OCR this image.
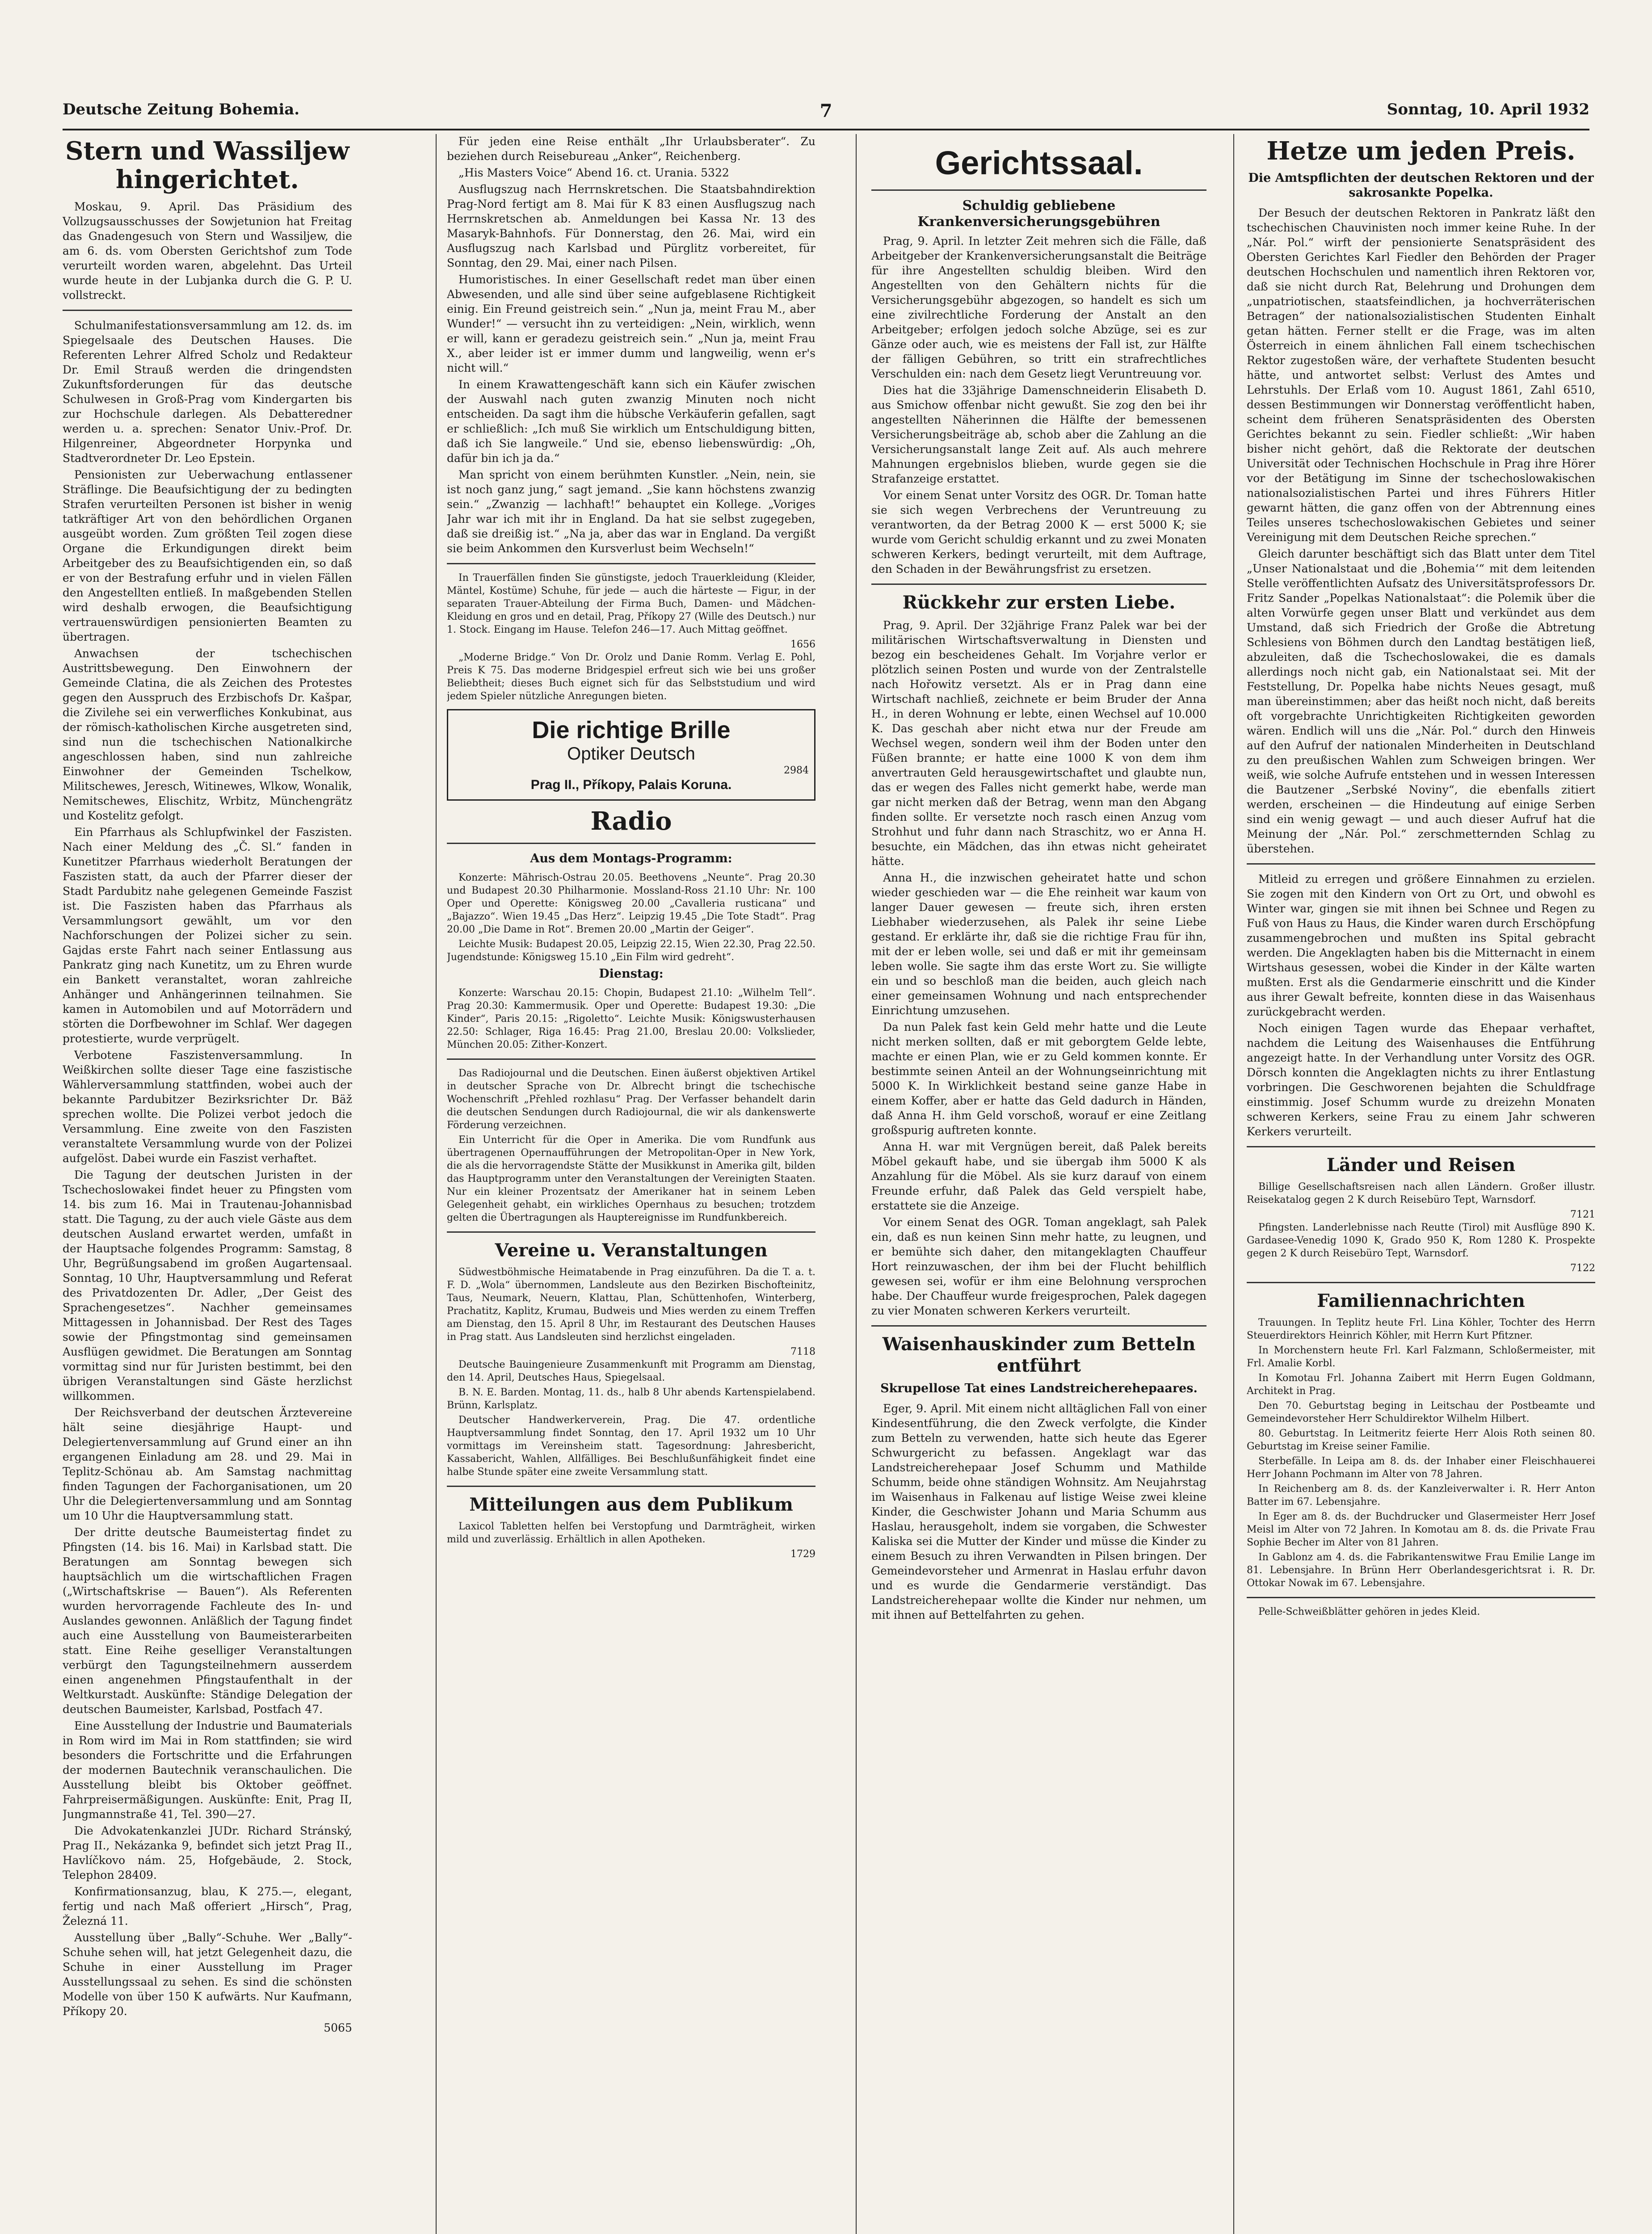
Deutsche Zeitung Bohemia.	7	Sonntag, 10. April 1932
Stern und Wassiljew hingerichtet.

Moskau, 9. April. Das Präsidium des Vollzugsausschusses der Sowjetunion hat Freitag das Gnadengesuch von Stern und Wassiljew, die am 6. ds. vom Obersten Gerichtshof zum Tode verurteilt worden waren, abgelehnt. Das Urteil wurde heute in der Lubjanka durch die G. P. U. vollstreckt.

Schulmanifestationsversammlung am 12. ds. im Spiegelsaale des Deutschen Hauses. Die Referenten Lehrer Alfred Scholz und Redakteur Dr. Emil Strauß werden die dringendsten Zukunftsforderungen für das deutsche Schulwesen in Groß-Prag vom Kindergarten bis zur Hochschule darlegen. Als Debatteredner werden u. a. sprechen: Senator Univ.-Prof. Dr. Hilgenreiner, Abgeordneter Horpynka und Stadtverordneter Dr. Leo Epstein.

Pensionisten zur Ueberwachung entlassener Sträflinge. Die Beaufsichtigung der zu bedingten Strafen verurteilten Personen ist bisher in wenig tatkräftiger Art von den behördlichen Organen ausgeübt worden. Zum größten Teil zogen diese Organe die Erkundigungen direkt beim Arbeitgeber des zu Beaufsichtigenden ein, so daß er von der Bestrafung erfuhr und in vielen Fällen den Angestellten entließ. In maßgebenden Stellen wird deshalb erwogen, die Beaufsichtigung vertrauenswürdigen pensionierten Beamten zu übertragen.

Anwachsen der tschechischen Austrittsbewegung. Den Einwohnern der Gemeinde Clatina, die als Zeichen des Protestes gegen den Ausspruch des Erzbischofs Dr. Kašpar, die Zivilehe sei ein verwerfliches Konkubinat, aus der römisch-katholischen Kirche ausgetreten sind, sind nun die tschechischen Nationalkirche angeschlossen haben, sind nun zahlreiche Einwohner der Gemeinden Tschelkow, Militschewes, Jeresch, Witinewes, Wlkow, Wonalik, Nemitschewes, Elischitz, Wrbitz, Münchengrätz und Kostelitz gefolgt.

Ein Pfarrhaus als Schlupfwinkel der Faszisten. Nach einer Meldung des „Č. Sl.“ fanden in Kunetitzer Pfarrhaus wiederholt Beratungen der Faszisten statt, da auch der Pfarrer dieser der Stadt Pardubitz nahe gelegenen Gemeinde Faszist ist. Die Faszisten haben das Pfarrhaus als Versammlungsort gewählt, um vor den Nachforschungen der Polizei sicher zu sein. Gajdas erste Fahrt nach seiner Entlassung aus Pankratz ging nach Kunetitz, um zu Ehren wurde ein Bankett veranstaltet, woran zahlreiche Anhänger und Anhängerinnen teilnahmen. Sie kamen in Automobilen und auf Motorrädern und störten die Dorfbewohner im Schlaf. Wer dagegen protestierte, wurde verprügelt.

Verbotene Faszistenversammlung. In Weißkirchen sollte dieser Tage eine faszistische Wählerversammlung stattfinden, wobei auch der bekannte Pardubitzer Bezirksrichter Dr. Bäž sprechen wollte. Die Polizei verbot jedoch die Versammlung. Eine zweite von den Faszisten veranstaltete Versammlung wurde von der Polizei aufgelöst. Dabei wurde ein Faszist verhaftet.

Die Tagung der deutschen Juristen in der Tschechoslowakei findet heuer zu Pfingsten vom 14. bis zum 16. Mai in Trautenau-Johannisbad statt. Die Tagung, zu der auch viele Gäste aus dem deutschen Ausland erwartet werden, umfaßt in der Hauptsache folgendes Programm: Samstag, 8 Uhr, Begrüßungsabend im großen Augartensaal. Sonntag, 10 Uhr, Hauptversammlung und Referat des Privatdozenten Dr. Adler, „Der Geist des Sprachengesetzes“. Nachher gemeinsames Mittagessen in Johannisbad. Der Rest des Tages sowie der Pfingstmontag sind gemeinsamen Ausflügen gewidmet. Die Beratungen am Sonntag vormittag sind nur für Juristen bestimmt, bei den übrigen Veranstaltungen sind Gäste herzlichst willkommen.

Der Reichsverband der deutschen Ärztevereine hält seine diesjährige Haupt- und Delegiertenversammlung auf Grund einer an ihn ergangenen Einladung am 28. und 29. Mai in Teplitz-Schönau ab. Am Samstag nachmittag finden Tagungen der Fachorganisationen, um 20 Uhr die Delegiertenversammlung und am Sonntag um 10 Uhr die Hauptversammlung statt.

Der dritte deutsche Baumeistertag findet zu Pfingsten (14. bis 16. Mai) in Karlsbad statt. Die Beratungen am Sonntag bewegen sich hauptsächlich um die wirtschaftlichen Fragen („Wirtschaftskrise — Bauen“). Als Referenten wurden hervorragende Fachleute des In- und Auslandes gewonnen. Anläßlich der Tagung findet auch eine Ausstellung von Baumeisterarbeiten statt. Eine Reihe geselliger Veranstaltungen verbürgt den Tagungsteilnehmern ausserdem einen angenehmen Pfingstaufenthalt in der Weltkurstadt. Auskünfte: Ständige Delegation der deutschen Baumeister, Karlsbad, Postfach 47.

Eine Ausstellung der Industrie und Baumaterials in Rom wird im Mai in Rom stattfinden; sie wird besonders die Fortschritte und die Erfahrungen der modernen Bautechnik veranschaulichen. Die Ausstellung bleibt bis Oktober geöffnet. Fahrpreisermäßigungen. Auskünfte: Enit, Prag II, Jungmannstraße 41, Tel. 390—27.

Die Advokatenkanzlei JUDr. Richard Stránský, Prag II., Nekázanka 9, befindet sich jetzt Prag II., Havlíčkovo nám. 25, Hofgebäude, 2. Stock, Telephon 28409.

Konfirmationsanzug, blau, K 275.—, elegant, fertig und nach Maß offeriert „Hirsch“, Prag, Železná 11.

Ausstellung über „Bally“-Schuhe. Wer „Bally“-Schuhe sehen will, hat jetzt Gelegenheit dazu, die Schuhe in einer Ausstellung im Prager Ausstellungssaal zu sehen. Es sind die schönsten Modelle von über 150 K aufwärts. Nur Kaufmann, Příkopy 20.

5065

Für jeden eine Reise enthält „Ihr Urlaubsberater“. Zu beziehen durch Reisebureau „Anker“, Reichenberg.

„His Masters Voice“ Abend 16. ct. Urania. 5322

Ausflugszug nach Herrnskretschen. Die Staatsbahndirektion Prag-Nord fertigt am 8. Mai für K 83 einen Ausflugszug nach Herrnskretschen ab. Anmeldungen bei Kassa Nr. 13 des Masaryk-Bahnhofs. Für Donnerstag, den 26. Mai, wird ein Ausflugszug nach Karlsbad und Pürglitz vorbereitet, für Sonntag, den 29. Mai, einer nach Pilsen.

Humoristisches. In einer Gesellschaft redet man über einen Abwesenden, und alle sind über seine aufgeblasene Richtigkeit einig. Ein Freund geistreich sein.“ „Nun ja, meint Frau M., aber Wunder!“ — versucht ihn zu verteidigen: „Nein, wirklich, wenn er will, kann er geradezu geistreich sein.“ „Nun ja, meint Frau X., aber leider ist er immer dumm und langweilig, wenn er's nicht will.“

In einem Krawattengeschäft kann sich ein Käufer zwischen der Auswahl nach guten zwanzig Minuten noch nicht entscheiden. Da sagt ihm die hübsche Verkäuferin gefallen, sagt er schließlich: „Ich muß Sie wirklich um Entschuldigung bitten, daß ich Sie langweile.“ Und sie, ebenso liebenswürdig: „Oh, dafür bin ich ja da.“

Man spricht von einem berühmten Kunstler. „Nein, nein, sie ist noch ganz jung,“ sagt jemand. „Sie kann höchstens zwanzig sein.“ „Zwanzig — lachhaft!“ behauptet ein Kollege. „Voriges Jahr war ich mit ihr in England. Da hat sie selbst zugegeben, daß sie dreißig ist.“ „Na ja, aber das war in England. Da vergißt sie beim Ankommen den Kursverlust beim Wechseln!“

In Trauerfällen finden Sie günstigste, jedoch Trauerkleidung (Kleider, Mäntel, Kostüme) Schuhe, für jede — auch die härteste — Figur, in der separaten Trauer-Abteilung der Firma Buch, Damen- und Mädchen-Kleidung en gros und en detail, Prag, Příkopy 27 (Wille des Deutsch.) nur 1. Stock. Eingang im Hause. Telefon 246—17. Auch Mittag geöffnet.

1656

„Moderne Bridge.“ Von Dr. Orolz und Danie Romm. Verlag E. Pohl, Preis K 75. Das moderne Bridgespiel erfreut sich wie bei uns großer Beliebtheit; dieses Buch eignet sich für das Selbststudium und wird jedem Spieler nützliche Anregungen bieten.

Die richtige Brille
Optiker Deutsch
2984
Prag II., Příkopy, Palais Koruna.
Radio
Aus dem Montags-Programm:

Konzerte: Mährisch-Ostrau 20.05. Beethovens „Neunte“. Prag 20.30 und Budapest 20.30 Philharmonie. Mossland-Ross 21.10 Uhr: Nr. 100 Oper und Operette: Königsweg 20.00 „Cavalleria rusticana“ und „Bajazzo“. Wien 19.45 „Das Herz“. Leipzig 19.45 „Die Tote Stadt“. Prag 20.00 „Die Dame in Rot“. Bremen 20.00 „Martin der Geiger“.

Leichte Musik: Budapest 20.05, Leipzig 22.15, Wien 22.30, Prag 22.50. Jugendstunde: Königsweg 15.10 „Ein Film wird gedreht“.

Dienstag:

Konzerte: Warschau 20.15: Chopin, Budapest 21.10: „Wilhelm Tell“. Prag 20.30: Kammermusik. Oper und Operette: Budapest 19.30: „Die Kinder“, Paris 20.15: „Rigoletto“. Leichte Musik: Königswusterhausen 22.50: Schlager, Riga 16.45: Prag 21.00, Breslau 20.00: Volkslieder, München 20.05: Zither-Konzert.

Das Radiojournal und die Deutschen. Einen äußerst objektiven Artikel in deutscher Sprache von Dr. Albrecht bringt die tschechische Wochenschrift „Přehled rozhlasu“ Prag. Der Verfasser behandelt darin die deutschen Sendungen durch Radiojournal, die wir als dankenswerte Förderung verzeichnen.

Ein Unterricht für die Oper in Amerika. Die vom Rundfunk aus übertragenen Opernaufführungen der Metropolitan-Oper in New York, die als die hervorragendste Stätte der Musikkunst in Amerika gilt, bilden das Hauptprogramm unter den Veranstaltungen der Vereinigten Staaten. Nur ein kleiner Prozentsatz der Amerikaner hat in seinem Leben Gelegenheit gehabt, ein wirkliches Opernhaus zu besuchen; trotzdem gelten die Übertragungen als Hauptereignisse im Rundfunkbereich.

Vereine u. Veranstaltungen

Südwestböhmische Heimatabende in Prag einzuführen. Da die T. a. t. F. D. „Wola“ übernommen, Landsleute aus den Bezirken Bischofteinitz, Taus, Neumark, Neuern, Klattau, Plan, Schüttenhofen, Winterberg, Prachatitz, Kaplitz, Krumau, Budweis und Mies werden zu einem Treffen am Dienstag, den 15. April 8 Uhr, im Restaurant des Deutschen Hauses in Prag statt. Aus Landsleuten sind herzlichst eingeladen.

7118

Deutsche Bauingenieure Zusammenkunft mit Programm am Dienstag, den 14. April, Deutsches Haus, Spiegelsaal.

B. N. E. Barden. Montag, 11. ds., halb 8 Uhr abends Kartenspielabend. Brünn, Karlsplatz.

Deutscher Handwerkerverein, Prag. Die 47. ordentliche Hauptversammlung findet Sonntag, den 17. April 1932 um 10 Uhr vormittags im Vereinsheim statt. Tagesordnung: Jahresbericht, Kassabericht, Wahlen, Allfälliges. Bei Beschlußunfähigkeit findet eine halbe Stunde später eine zweite Versammlung statt.

Mitteilungen aus dem Publikum

Laxicol Tabletten helfen bei Verstopfung und Darmträgheit, wirken mild und zuverlässig. Erhältlich in allen Apotheken.

1729
Gerichtssaal.
Schuldig gebliebene Krankenversicherungsgebühren

Prag, 9. April. In letzter Zeit mehren sich die Fälle, daß Arbeitgeber der Krankenversicherungsanstalt die Beiträge für ihre Angestellten schuldig bleiben. Wird den Angestellten von den Gehältern nichts für die Versicherungsgebühr abgezogen, so handelt es sich um eine zivilrechtliche Forderung der Anstalt an den Arbeitgeber; erfolgen jedoch solche Abzüge, sei es zur Gänze oder auch, wie es meistens der Fall ist, zur Hälfte der fälligen Gebühren, so tritt ein strafrechtliches Verschulden ein: nach dem Gesetz liegt Veruntreuung vor.

Dies hat die 33jährige Damenschneiderin Elisabeth D. aus Smichow offenbar nicht gewußt. Sie zog den bei ihr angestellten Näherinnen die Hälfte der bemessenen Versicherungsbeiträge ab, schob aber die Zahlung an die Versicherungsanstalt lange Zeit auf. Als auch mehrere Mahnungen ergebnislos blieben, wurde gegen sie die Strafanzeige erstattet.

Vor einem Senat unter Vorsitz des OGR. Dr. Toman hatte sie sich wegen Verbrechens der Veruntreuung zu verantworten, da der Betrag 2000 K — erst 5000 K; sie wurde vom Gericht schuldig erkannt und zu zwei Monaten schweren Kerkers, bedingt verurteilt, mit dem Auftrage, den Schaden in der Bewährungsfrist zu ersetzen.

Rückkehr zur ersten Liebe.

Prag, 9. April. Der 32jährige Franz Palek war bei der militärischen Wirtschaftsverwaltung in Diensten und bezog ein bescheidenes Gehalt. Im Vorjahre verlor er plötzlich seinen Posten und wurde von der Zentralstelle nach Hořowitz versetzt. Als er in Prag dann eine Wirtschaft nachließ, zeichnete er beim Bruder der Anna H., in deren Wohnung er lebte, einen Wechsel auf 10.000 K. Das geschah aber nicht etwa nur der Freude am Wechsel wegen, sondern weil ihm der Boden unter den Füßen brannte; er hatte eine 1000 K von dem ihm anvertrauten Geld herausgewirtschaftet und glaubte nun, das er wegen des Falles nicht gemerkt habe, werde man gar nicht merken daß der Betrag, wenn man den Abgang finden sollte. Er versetzte noch rasch einen Anzug vom Strohhut und fuhr dann nach Straschitz, wo er Anna H. besuchte, ein Mädchen, das ihn etwas nicht geheiratet hätte.

Anna H., die inzwischen geheiratet hatte und schon wieder geschieden war — die Ehe reinheit war kaum von langer Dauer gewesen — freute sich, ihren ersten Liebhaber wiederzusehen, als Palek ihr seine Liebe gestand. Er erklärte ihr, daß sie die richtige Frau für ihn, mit der er leben wolle, sei und daß er mit ihr gemeinsam leben wolle. Sie sagte ihm das erste Wort zu. Sie willigte ein und so beschloß man die beiden, auch gleich nach einer gemeinsamen Wohnung und nach entsprechender Einrichtung umzusehen.

Da nun Palek fast kein Geld mehr hatte und die Leute nicht merken sollten, daß er mit geborgtem Gelde lebte, machte er einen Plan, wie er zu Geld kommen konnte. Er bestimmte seinen Anteil an der Wohnungseinrichtung mit 5000 K. In Wirklichkeit bestand seine ganze Habe in einem Koffer, aber er hatte das Geld dadurch in Händen, daß Anna H. ihm Geld vorschoß, worauf er eine Zeitlang großspurig auftreten konnte.

Anna H. war mit Vergnügen bereit, daß Palek bereits Möbel gekauft habe, und sie übergab ihm 5000 K als Anzahlung für die Möbel. Als sie kurz darauf von einem Freunde erfuhr, daß Palek das Geld verspielt habe, erstattete sie die Anzeige.

Vor einem Senat des OGR. Toman angeklagt, sah Palek ein, daß es nun keinen Sinn mehr hatte, zu leugnen, und er bemühte sich daher, den mitangeklagten Chauffeur Hort reinzuwaschen, der ihm bei der Flucht behilflich gewesen sei, wofür er ihm eine Belohnung versprochen habe. Der Chauffeur wurde freigesprochen, Palek dagegen zu vier Monaten schweren Kerkers verurteilt.

Waisenhauskinder zum Betteln entführt
Skrupellose Tat eines Landstreicherehepaares.

Eger, 9. April. Mit einem nicht alltäglichen Fall von einer Kindesentführung, die den Zweck verfolgte, die Kinder zum Betteln zu verwenden, hatte sich heute das Egerer Schwurgericht zu befassen. Angeklagt war das Landstreicherehepaar Josef Schumm und Mathilde Schumm, beide ohne ständigen Wohnsitz. Am Neujahrstag im Waisenhaus in Falkenau auf listige Weise zwei kleine Kinder, die Geschwister Johann und Maria Schumm aus Haslau, herausgeholt, indem sie vorgaben, die Schwester Kaliska sei die Mutter der Kinder und müsse die Kinder zu einem Besuch zu ihren Verwandten in Pilsen bringen. Der Gemeindevorsteher und Armenrat in Haslau erfuhr davon und es wurde die Gendarmerie verständigt. Das Landstreicherehepaar wollte die Kinder nur nehmen, um mit ihnen auf Bettelfahrten zu gehen.

Hetze um jeden Preis.
Die Amtspflichten der deutschen Rektoren und der sakrosankte Popelka.

Der Besuch der deutschen Rektoren in Pankratz läßt den tschechischen Chauvinisten noch immer keine Ruhe. In der „Nár. Pol.“ wirft der pensionierte Senatspräsident des Obersten Gerichtes Karl Fiedler den Behörden der Prager deutschen Hochschulen und namentlich ihren Rektoren vor, daß sie nicht durch Rat, Belehrung und Drohungen dem „unpatriotischen, staatsfeindlichen, ja hochverräterischen Betragen“ der nationalsozialistischen Studenten Einhalt getan hätten. Ferner stellt er die Frage, was im alten Österreich in einem ähnlichen Fall einem tschechischen Rektor zugestoßen wäre, der verhaftete Studenten besucht hätte, und antwortet selbst: Verlust des Amtes und Lehrstuhls. Der Erlaß vom 10. August 1861, Zahl 6510, dessen Bestimmungen wir Donnerstag veröffentlicht haben, scheint dem früheren Senatspräsidenten des Obersten Gerichtes bekannt zu sein. Fiedler schließt: „Wir haben bisher nicht gehört, daß die Rektorate der deutschen Universität oder Technischen Hochschule in Prag ihre Hörer vor der Betätigung im Sinne der tschechoslowakischen nationalsozialistischen Partei und ihres Führers Hitler gewarnt hätten, die ganz offen von der Abtrennung eines Teiles unseres tschechoslowakischen Gebietes und seiner Vereinigung mit dem Deutschen Reiche sprechen.“

Gleich darunter beschäftigt sich das Blatt unter dem Titel „Unser Nationalstaat und die ‚Bohemia‘“ mit dem leitenden Stelle veröffentlichten Aufsatz des Universitätsprofessors Dr. Fritz Sander „Popelkas Nationalstaat“: die Polemik über die alten Vorwürfe gegen unser Blatt und verkündet aus dem Umstand, daß sich Friedrich der Große die Abtretung Schlesiens von Böhmen durch den Landtag bestätigen ließ, abzuleiten, daß die Tschechoslowakei, die es damals allerdings noch nicht gab, ein Nationalstaat sei. Mit der Feststellung, Dr. Popelka habe nichts Neues gesagt, muß man übereinstimmen; aber das heißt noch nicht, daß bereits oft vorgebrachte Unrichtigkeiten Richtigkeiten geworden wären. Endlich will uns die „Nár. Pol.“ durch den Hinweis auf den Aufruf der nationalen Minderheiten in Deutschland zu den preußischen Wahlen zum Schweigen bringen. Wer weiß, wie solche Aufrufe entstehen und in wessen Interessen die Bautzener „Serbské Noviny“, die ebenfalls zitiert werden, erscheinen — die Hindeutung auf einige Serben sind ein wenig gewagt — und auch dieser Aufruf hat die Meinung der „Nár. Pol.“ zerschmetternden Schlag zu überstehen.

Mitleid zu erregen und größere Einnahmen zu erzielen. Sie zogen mit den Kindern von Ort zu Ort, und obwohl es Winter war, gingen sie mit ihnen bei Schnee und Regen zu Fuß von Haus zu Haus, die Kinder waren durch Erschöpfung zusammengebrochen und mußten ins Spital gebracht werden. Die Angeklagten haben bis die Mitternacht in einem Wirtshaus gesessen, wobei die Kinder in der Kälte warten mußten. Erst als die Gendarmerie einschritt und die Kinder aus ihrer Gewalt befreite, konnten diese in das Waisenhaus zurückgebracht werden.

Noch einigen Tagen wurde das Ehepaar verhaftet, nachdem die Leitung des Waisenhauses die Entführung angezeigt hatte. In der Verhandlung unter Vorsitz des OGR. Dörsch konnten die Angeklagten nichts zu ihrer Entlastung vorbringen. Die Geschworenen bejahten die Schuldfrage einstimmig. Josef Schumm wurde zu dreizehn Monaten schweren Kerkers, seine Frau zu einem Jahr schweren Kerkers verurteilt.

Länder und Reisen

Billige Gesellschaftsreisen nach allen Ländern. Großer illustr. Reisekatalog gegen 2 K durch Reisebüro Tept, Warnsdorf.

7121

Pfingsten. Landerlebnisse nach Reutte (Tirol) mit Ausflüge 890 K. Gardasee-Venedig 1090 K, Grado 950 K, Rom 1280 K. Prospekte gegen 2 K durch Reisebüro Tept, Warnsdorf.

7122
Familiennachrichten

Trauungen. In Teplitz heute Frl. Lina Köhler, Tochter des Herrn Steuerdirektors Heinrich Köhler, mit Herrn Kurt Pfitzner.

In Morchenstern heute Frl. Karl Falzmann, Schloßermeister, mit Frl. Amalie Korbl.

In Komotau Frl. Johanna Zaibert mit Herrn Eugen Goldmann, Architekt in Prag.

Den 70. Geburtstag beging in Leitschau der Postbeamte und Gemeindevorsteher Herr Schuldirektor Wilhelm Hilbert.

80. Geburtstag. In Leitmeritz feierte Herr Alois Roth seinen 80. Geburtstag im Kreise seiner Familie.

Sterbefälle. In Leipa am 8. ds. der Inhaber einer Fleischhauerei Herr Johann Pochmann im Alter von 78 Jahren.

In Reichenberg am 8. ds. der Kanzleiverwalter i. R. Herr Anton Batter im 67. Lebensjahre.

In Eger am 8. ds. der Buchdrucker und Glasermeister Herr Josef Meisl im Alter von 72 Jahren. In Komotau am 8. ds. die Private Frau Sophie Becher im Alter von 81 Jahren.

In Gablonz am 4. ds. die Fabrikantenswitwe Frau Emilie Lange im 81. Lebensjahre. In Brünn Herr Oberlandesgerichtsrat i. R. Dr. Ottokar Nowak im 67. Lebensjahre.

Pelle-Schweißblätter gehören in jedes Kleid.
